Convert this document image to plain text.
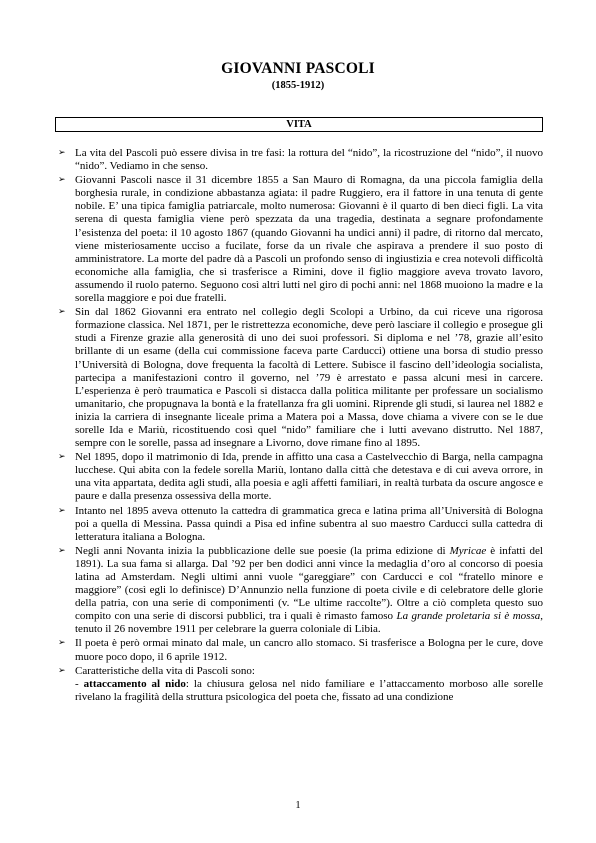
GIOVANNI PASCOLI
(1855-1912)
VITA
➢ La vita del Pascoli può essere divisa in tre fasi: la rottura del “nido”, la ricostruzione del “nido”, il nuovo “nido”. Vediamo in che senso.
➢ Giovanni Pascoli nasce il 31 dicembre 1855 a San Mauro di Romagna, da una piccola famiglia della borghesia rurale, in condizione abbastanza agiata: il padre Ruggiero, era il fattore in una tenuta di gente nobile. E’ una tipica famiglia patriarcale, molto numerosa: Giovanni è il quarto di ben dieci figli. La vita serena di questa famiglia viene però spezzata da una tragedia, destinata a segnare profondamente l’esistenza del poeta: il 10 agosto 1867 (quando Giovanni ha undici anni) il padre, di ritorno dal mercato, viene misteriosamente ucciso a fucilate, forse da un rivale che aspirava a prendere il suo posto di amministratore. La morte del padre dà a Pascoli un profondo senso di ingiustizia e crea notevoli difficoltà economiche alla famiglia, che si trasferisce a Rimini, dove il figlio maggiore aveva trovato lavoro, assumendo il ruolo paterno. Seguono così altri lutti nel giro di pochi anni: nel 1868 muoiono la madre e la sorella maggiore e poi due fratelli.
➢ Sin dal 1862 Giovanni era entrato nel collegio degli Scolopi a Urbino, da cui riceve una rigorosa formazione classica. Nel 1871, per le ristrettezza economiche, deve però lasciare il collegio e prosegue gli studi a Firenze grazie alla generosità di uno dei suoi professori. Si diploma e nel ’78, grazie all’esito brillante di un esame (della cui commissione faceva parte Carducci) ottiene una borsa di studio presso l’Università di Bologna, dove frequenta la facoltà di Lettere. Subisce il fascino dell’ideologia socialista, partecipa a manifestazioni contro il governo, nel ’79 è arrestato e passa alcuni mesi in carcere. L’esperienza è però traumatica e Pascoli si distacca dalla politica militante per professare un socialismo umanitario, che propugnava la bontà e la fratellanza fra gli uomini. Riprende gli studi, si laurea nel 1882 e inizia la carriera di insegnante liceale prima a Matera poi a Massa, dove chiama a vivere con se le due sorelle Ida e Mariù, ricostituendo così quel “nido” familiare che i lutti avevano distrutto. Nel 1887, sempre con le sorelle, passa ad insegnare a Livorno, dove rimane fino al 1895.
➢ Nel 1895, dopo il matrimonio di Ida, prende in affitto una casa a Castelvecchio di Barga, nella campagna lucchese. Qui abita con la fedele sorella Mariù, lontano dalla città che detestava e di cui aveva orrore, in una vita appartata, dedita agli studi, alla poesia e agli affetti familiari, in realtà turbata da oscure angosce e paure e dalla presenza ossessiva della morte.
➢ Intanto nel 1895 aveva ottenuto la cattedra di grammatica greca e latina prima all’Università di Bologna poi a quella di Messina. Passa quindi a Pisa ed infine subentra al suo maestro Carducci sulla cattedra di letteratura italiana a Bologna.
➢ Negli anni Novanta inizia la pubblicazione delle sue poesie (la prima edizione di Myricae è infatti del 1891). La sua fama si allarga. Dal ’92 per ben dodici anni vince la medaglia d’oro al concorso di poesia latina ad Amsterdam. Negli ultimi anni vuole “gareggiare” con Carducci e col “fratello minore e maggiore” (così egli lo definisce) D’Annunzio nella funzione di poeta civile e di celebratore delle glorie della patria, con una serie di componimenti (v. “Le ultime raccolte”). Oltre a ciò completa questo suo compito con una serie di discorsi pubblici, tra i quali è rimasto famoso La grande proletaria si è mossa, tenuto il 26 novembre 1911 per celebrare la guerra coloniale di Libia.
➢ Il poeta è però ormai minato dal male, un cancro allo stomaco. Si trasferisce a Bologna per le cure, dove muore poco dopo, il 6 aprile 1912.
➢ Caratteristiche della vita di Pascoli sono:
- attaccamento al nido: la chiusura gelosa nel nido familiare e l’attaccamento morboso alle sorelle rivelano la fragilità della struttura psicologica del poeta che, fissato ad una condizione
1
